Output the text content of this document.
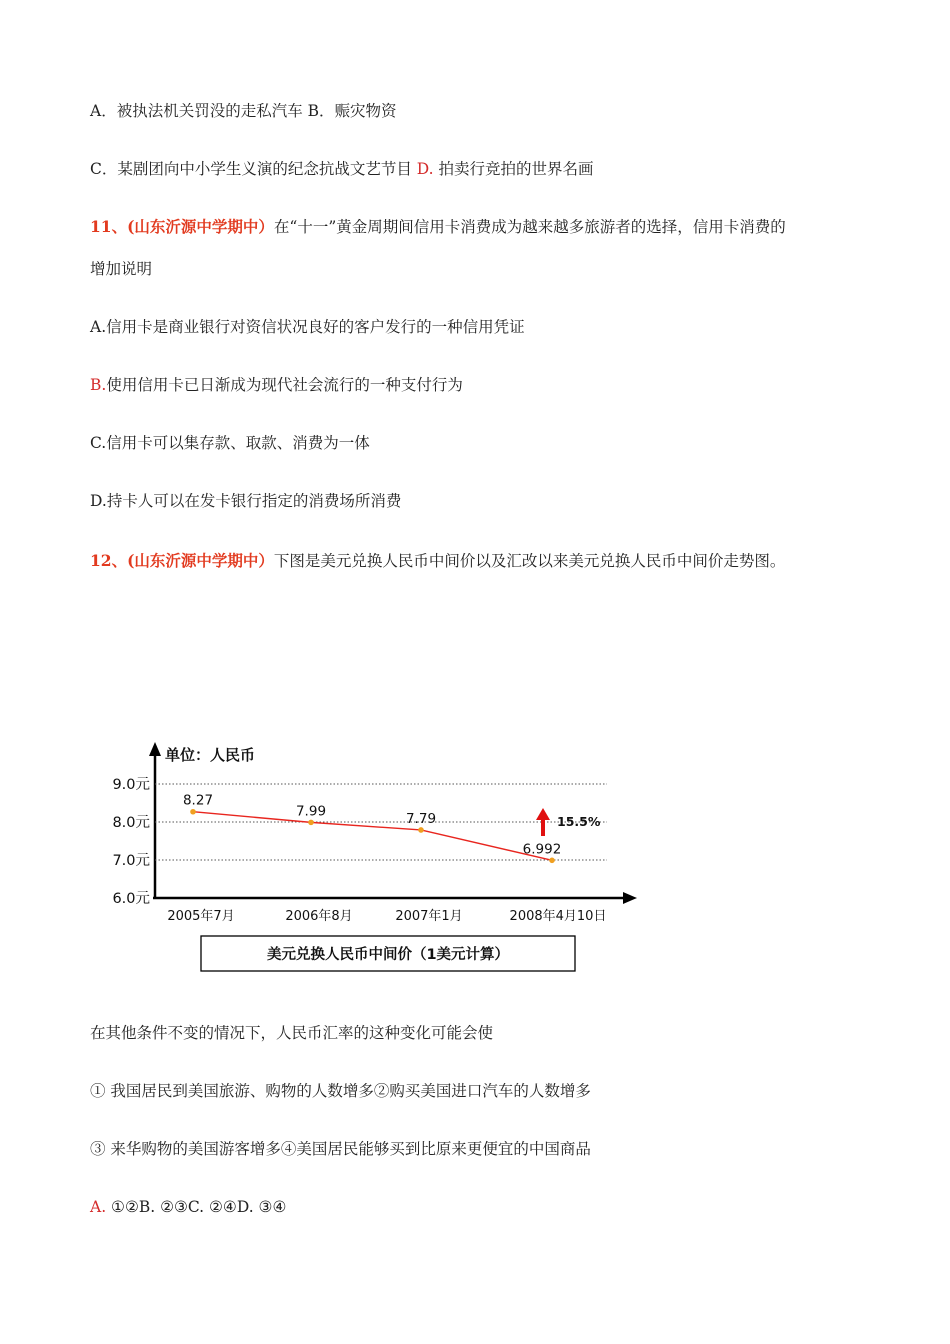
A．被执法机关罚没的走私汽车 B．赈灾物资
C．某剧团向中小学生义演的纪念抗战文艺节目 D. 拍卖行竞拍的世界名画
11、(山东沂源中学期中）在“十一”黄金周期间信用卡消费成为越来越多旅游者的选择，信用卡消费的
增加说明
A.信用卡是商业银行对资信状况良好的客户发行的一种信用凭证
B.使用信用卡已日渐成为现代社会流行的一种支付行为
C.信用卡可以集存款、取款、消费为一体
D.持卡人可以在发卡银行指定的消费场所消费
12、(山东沂源中学期中）下图是美元兑换人民币中间价以及汇改以来美元兑换人民币中间价走势图。
单位：人民币
9.0元
8.0元
7.0元
6.0元
2005年7月	2006年8月	2007年1月	2008年4月10日
8.27
7.99	7.79
6.992
15.5%
美元兑换人民币中间价（1美元计算）
在其他条件不变的情况下，人民币汇率的这种变化可能会使
① 我国居民到美国旅游、购物的人数增多②购买美国进口汽车的人数增多
③ 来华购物的美国游客增多④美国居民能够买到比原来更便宜的中国商品
A. ①②B. ②③C. ②④D. ③④
